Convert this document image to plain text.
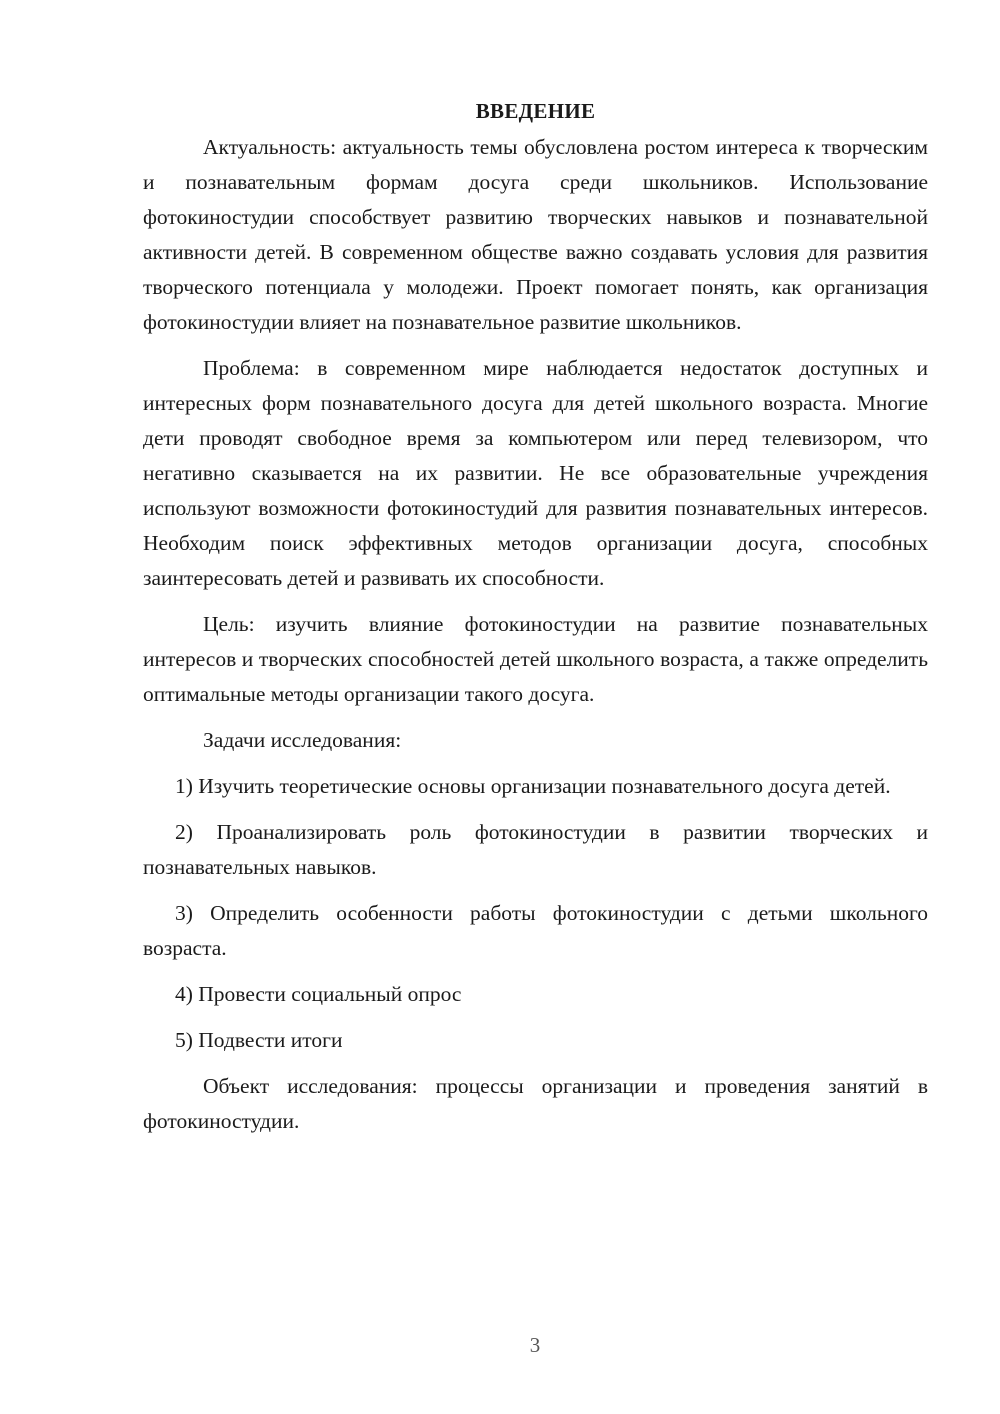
ВВЕДЕНИЕ

Актуальность: актуальность темы обусловлена ростом интереса к творческим и познавательным формам досуга среди школьников. Использование фотокиностудии способствует развитию творческих навыков и познавательной активности детей. В современном обществе важно создавать условия для развития творческого потенциала у молодежи. Проект помогает понять, как организация фотокиностудии влияет на познавательное развитие школьников.

Проблема: в современном мире наблюдается недостаток доступных и интересных форм познавательного досуга для детей школьного возраста. Многие дети проводят свободное время за компьютером или перед телевизором, что негативно сказывается на их развитии. Не все образовательные учреждения используют возможности фотокиностудий для развития познавательных интересов. Необходим поиск эффективных методов организации досуга, способных заинтересовать детей и развивать их способности.

Цель: изучить влияние фотокиностудии на развитие познавательных интересов и творческих способностей детей школьного возраста, а также определить оптимальные методы организации такого досуга.

Задачи исследования:

1) Изучить теоретические основы организации познавательного досуга детей.

2) Проанализировать роль фотокиностудии в развитии творческих и познавательных навыков.

3) Определить особенности работы фотокиностудии с детьми школьного возраста.

4) Провести социальный опрос

5) Подвести итоги

Объект исследования: процессы организации и проведения занятий в фотокиностудии.

3
